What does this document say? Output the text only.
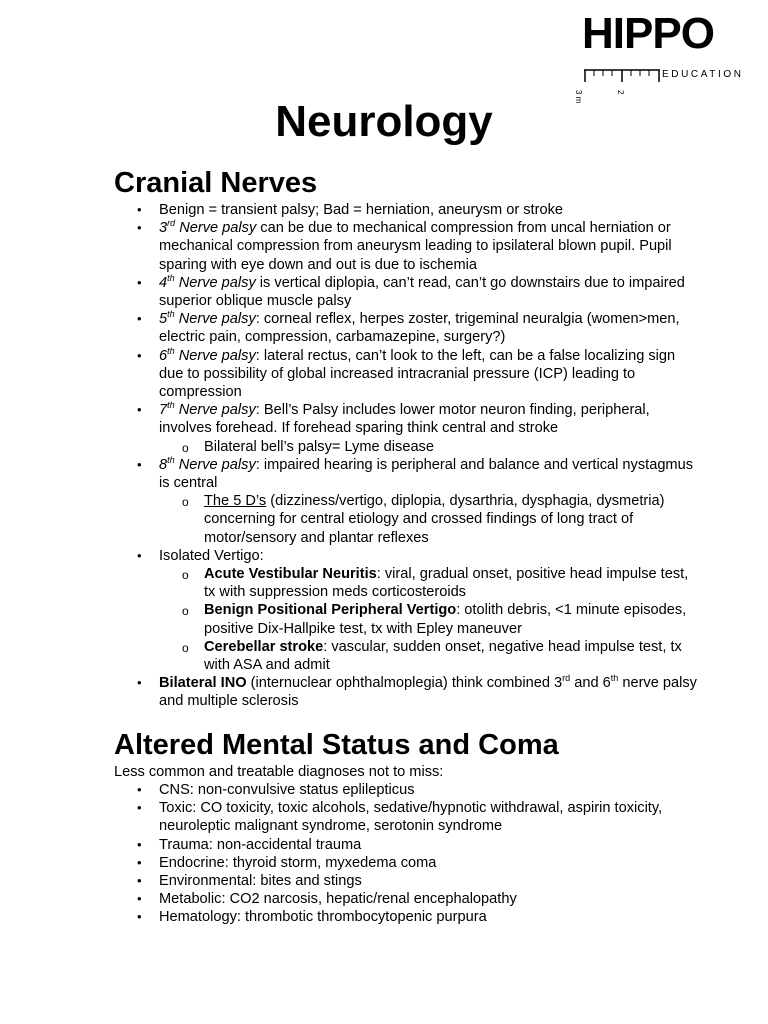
HIPPO
EDUCATION
3 m	2
Neurology
Cranial Nerves
• Benign = transient palsy; Bad = herniation, aneurysm or stroke
• 3rd Nerve palsy can be due to mechanical compression from uncal herniation or mechanical compression from aneurysm leading to ipsilateral blown pupil. Pupil sparing with eye down and out is due to ischemia
• 4th Nerve palsy is vertical diplopia, can’t read, can’t go downstairs due to impaired superior oblique muscle palsy
• 5th Nerve palsy: corneal reflex, herpes zoster, trigeminal neuralgia (women>men, electric pain, compression, carbamazepine, surgery?)
• 6th Nerve palsy: lateral rectus, can’t look to the left, can be a false localizing sign due to possibility of global increased intracranial pressure (ICP) leading to compression
• 7th Nerve palsy: Bell’s Palsy includes lower motor neuron finding, peripheral, involves forehead. If forehead sparing think central and stroke
o Bilateral bell’s palsy= Lyme disease
• 8th Nerve palsy: impaired hearing is peripheral and balance and vertical nystagmus is central
o The 5 D’s (dizziness/vertigo, diplopia, dysarthria, dysphagia, dysmetria) concerning for central etiology and crossed findings of long tract of motor/sensory and plantar reflexes
• Isolated Vertigo:
o Acute Vestibular Neuritis: viral, gradual onset, positive head impulse test, tx with suppression meds corticosteroids
o Benign Positional Peripheral Vertigo: otolith debris, <1 minute episodes, positive Dix-Hallpike test, tx with Epley maneuver
o Cerebellar stroke: vascular, sudden onset, negative head impulse test, tx with ASA and admit
• Bilateral INO (internuclear ophthalmoplegia) think combined 3rd and 6th nerve palsy and multiple sclerosis
Altered Mental Status and Coma
Less common and treatable diagnoses not to miss:
• CNS: non-convulsive status eplilepticus
• Toxic: CO toxicity, toxic alcohols, sedative/hypnotic withdrawal, aspirin toxicity, neuroleptic malignant syndrome, serotonin syndrome
• Trauma: non-accidental trauma
• Endocrine: thyroid storm, myxedema coma
• Environmental: bites and stings
• Metabolic: CO2 narcosis, hepatic/renal encephalopathy
• Hematology: thrombotic thrombocytopenic purpura
